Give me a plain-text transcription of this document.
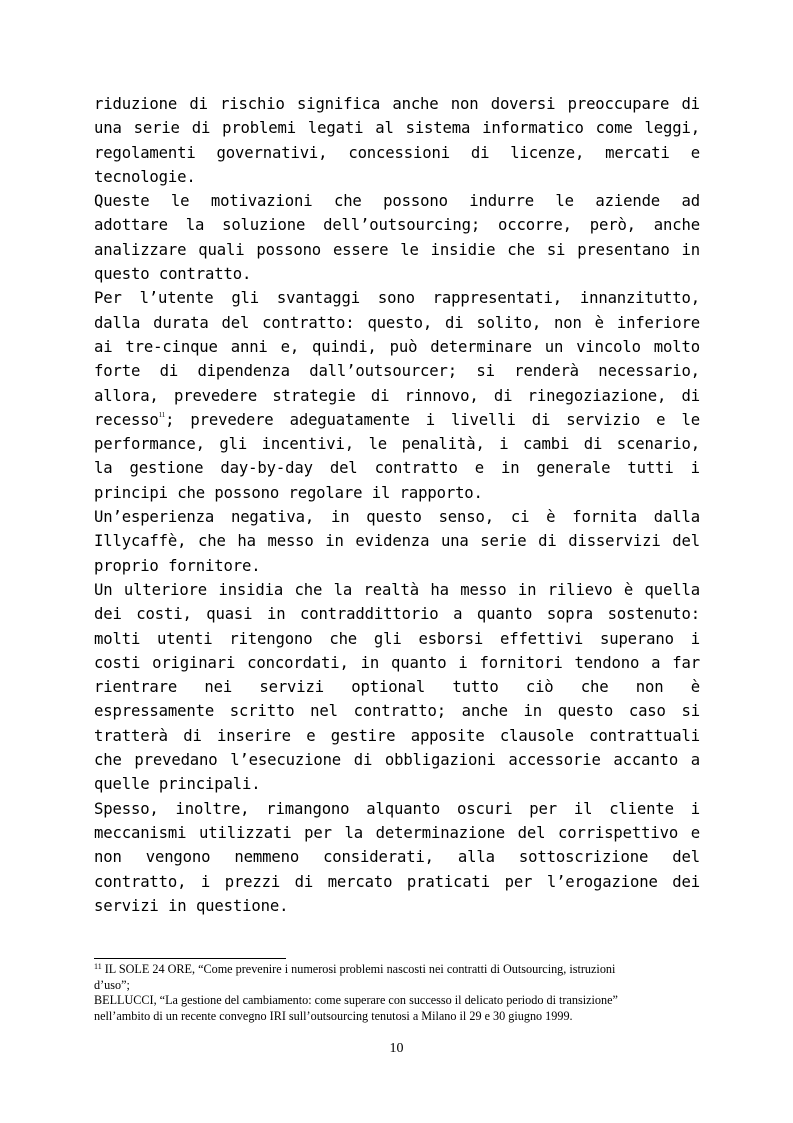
riduzione di rischio significa anche non doversi preoccupare di
una serie di problemi legati al sistema informatico come leggi,
regolamenti governativi, concessioni di licenze, mercati e
tecnologie.
Queste le motivazioni che possono indurre le aziende ad
adottare la soluzione dell’outsourcing; occorre, però, anche
analizzare quali possono essere le insidie che si presentano in
questo contratto.
Per l’utente gli svantaggi sono rappresentati, innanzitutto,
dalla durata del contratto: questo, di solito, non è inferiore
ai tre-cinque anni e, quindi, può determinare un vincolo molto
forte di dipendenza dall’outsourcer; si renderà necessario,
allora, prevedere strategie di rinnovo, di rinegoziazione, di
recesso$^{11}$; prevedere adeguatamente i livelli di servizio e le
performance, gli incentivi, le penalità, i cambi di scenario,
la gestione day-by-day del contratto e in generale tutti i
principi che possono regolare il rapporto.
Un’esperienza negativa, in questo senso, ci è fornita dalla
Illycaffè, che ha messo in evidenza una serie di disservizi del
proprio fornitore.
Un ulteriore insidia che la realtà ha messo in rilievo è quella
dei costi, quasi in contraddittorio a quanto sopra sostenuto:
molti utenti ritengono che gli esborsi effettivi superano i
costi originari concordati, in quanto i fornitori tendono a far
rientrare nei servizi optional tutto ciò che non è
espressamente scritto nel contratto; anche in questo caso si
tratterà di inserire e gestire apposite clausole contrattuali
che prevedano l’esecuzione di obbligazioni accessorie accanto a
quelle principali.
Spesso, inoltre, rimangono alquanto oscuri per il cliente i
meccanismi utilizzati per la determinazione del corrispettivo e
non vengono nemmeno considerati, alla sottoscrizione del
contratto, i prezzi di mercato praticati per l’erogazione dei
servizi in questione.
$^{11}$ IL SOLE 24 ORE, “Come prevenire i numerosi problemi nascosti nei contratti di Outsourcing, istruzioni
d’uso”;
BELLUCCI, “La gestione del cambiamento: come superare con successo il delicato periodo di transizione”
nell’ambito di un recente convegno IRI sull’outsourcing tenutosi a Milano il 29 e 30 giugno 1999.
10
